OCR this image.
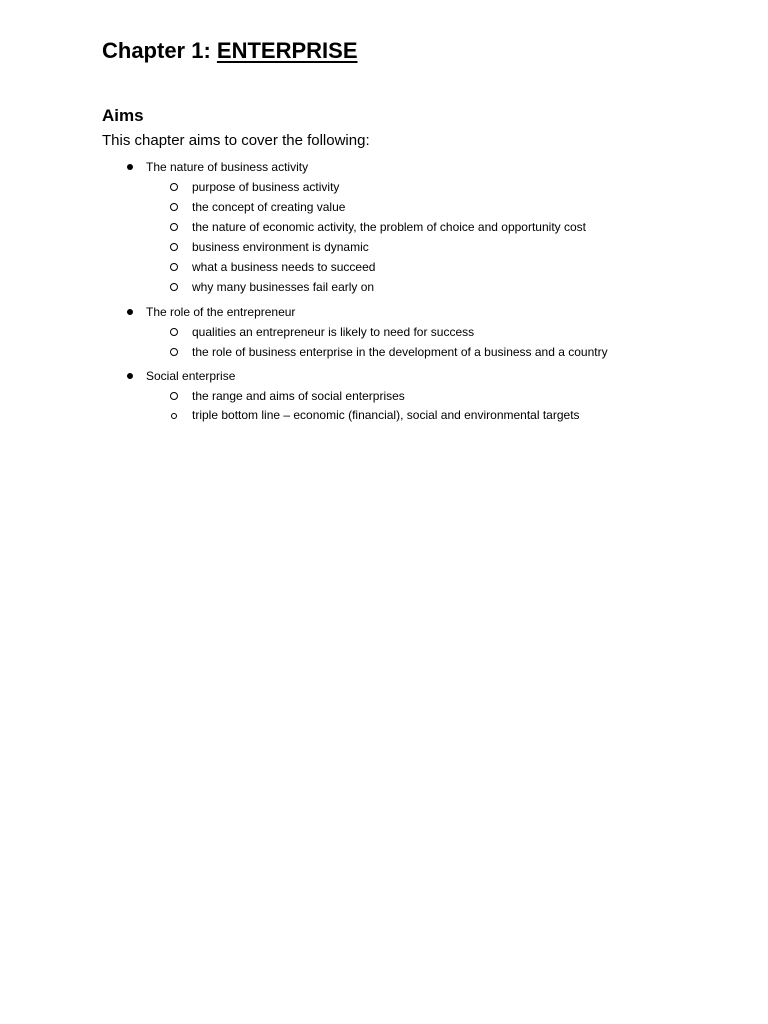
Chapter 1: ENTERPRISE
Aims

This chapter aims to cover the following:

The nature of business activity
purpose of business activity
the concept of creating value
the nature of economic activity, the problem of choice and opportunity cost
business environment is dynamic
what a business needs to succeed
why many businesses fail early on
The role of the entrepreneur
qualities an entrepreneur is likely to need for success
the role of business enterprise in the development of a business and a country
Social enterprise
the range and aims of social enterprises
triple bottom line – economic (financial), social and environmental targets
